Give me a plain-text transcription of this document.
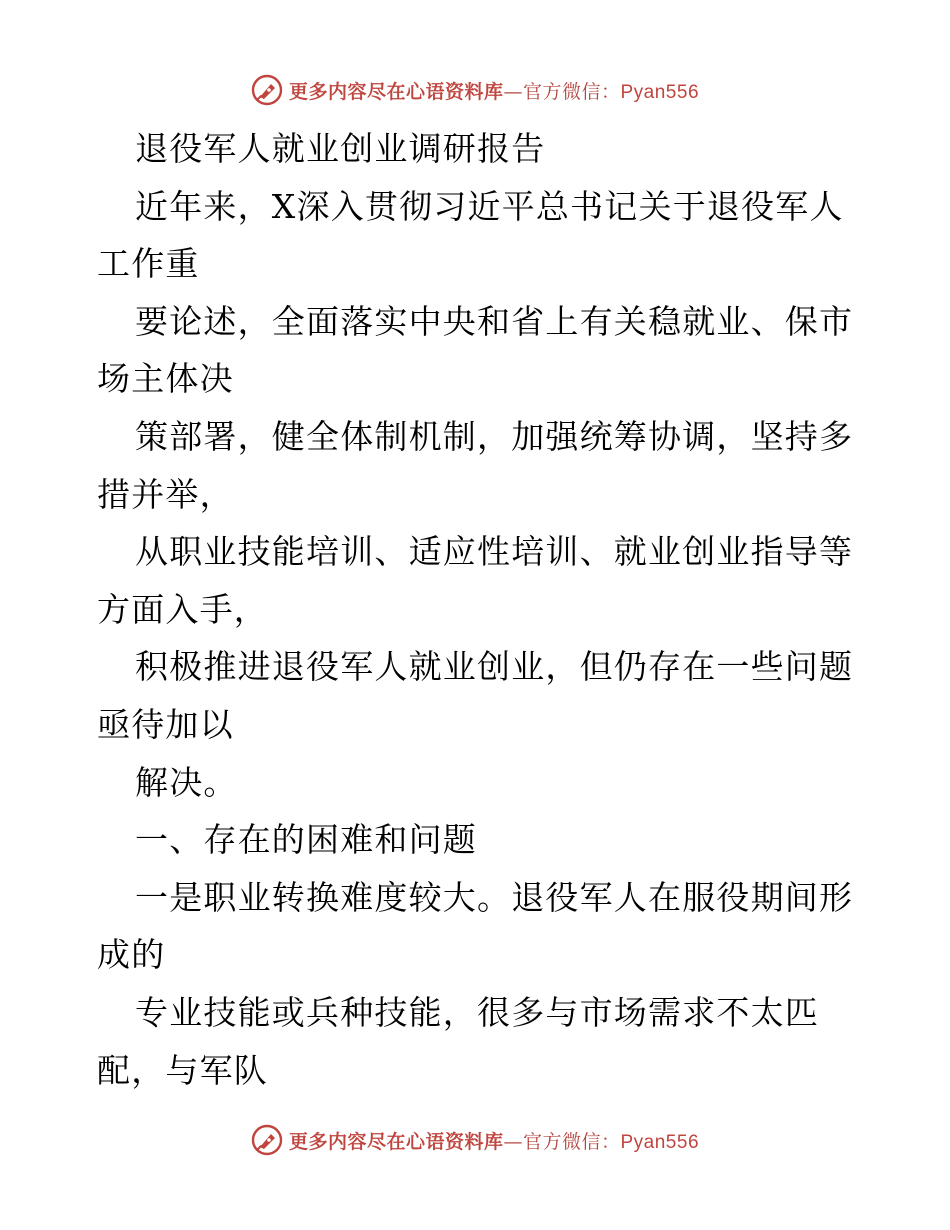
更多内容尽在心语资料库—官方微信：Pyan556

退役军人就业创业调研报告

近年来，X深入贯彻习近平总书记关于退役军人

工作重

要论述，全面落实中央和省上有关稳就业、保市

场主体决

策部署，健全体制机制，加强统筹协调，坚持多

措并举，

从职业技能培训、适应性培训、就业创业指导等

方面入手，

积极推进退役军人就业创业，但仍存在一些问题

亟待加以

解决。

一、存在的困难和问题

一是职业转换难度较大。退役军人在服役期间形

成的

专业技能或兵种技能，很多与市场需求不太匹

配，与军队

更多内容尽在心语资料库—官方微信：Pyan556
